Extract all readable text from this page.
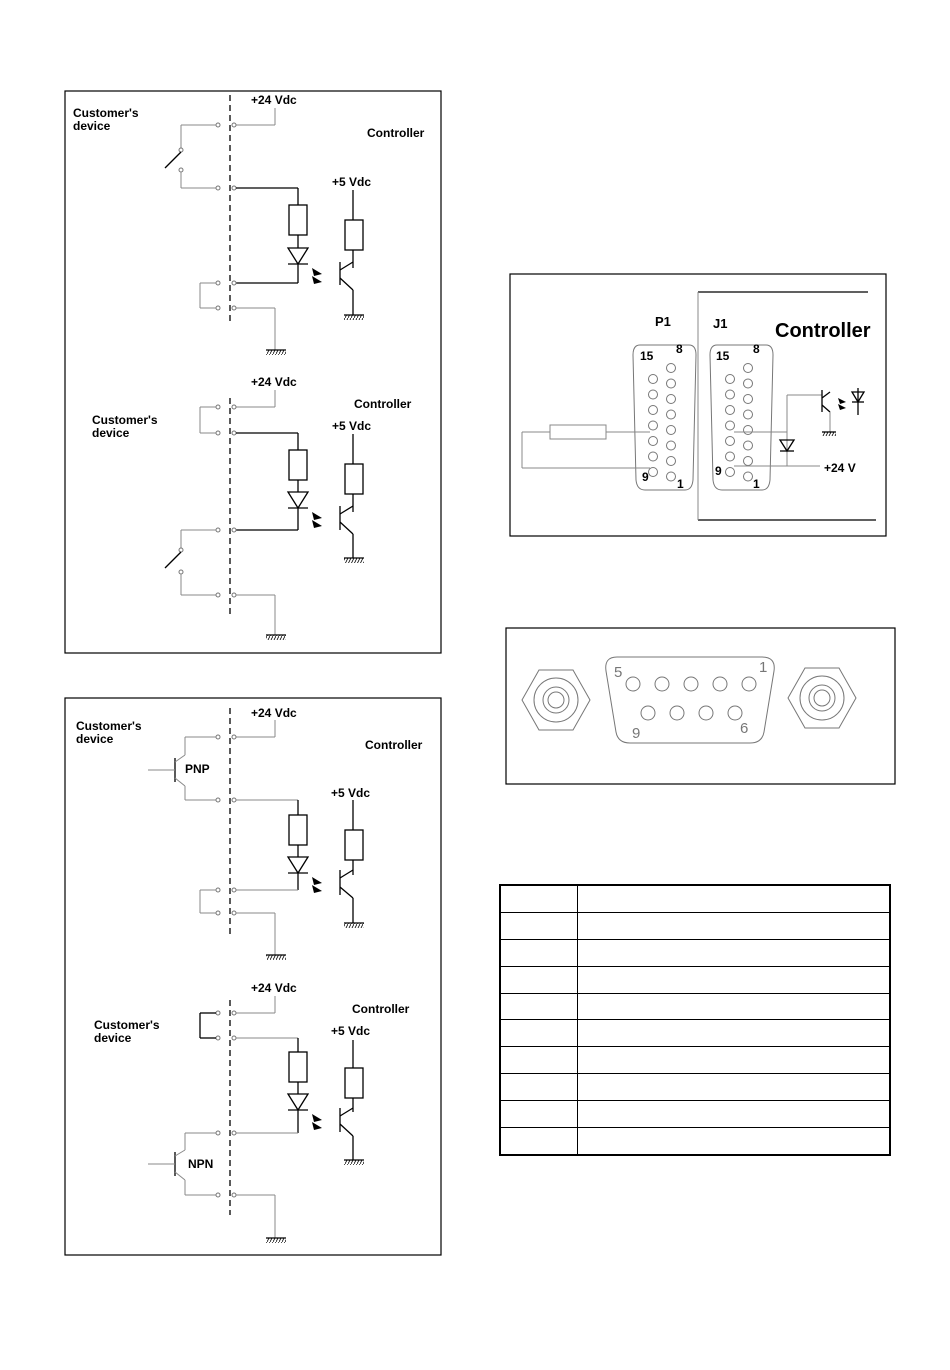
Customer's
device
+24 Vdc
Controller
+5 Vdc
+24 Vdc
Customer's
device
Controller
+5 Vdc
Customer's
device
+24 Vdc
Controller
+5 Vdc
PNP
+24 Vdc
Controller
Customer's
device	+5 Vdc
NPN
P1	J1 Controller
15 8
9 1
15 8
9
1
+24 V
5	1
9	6
